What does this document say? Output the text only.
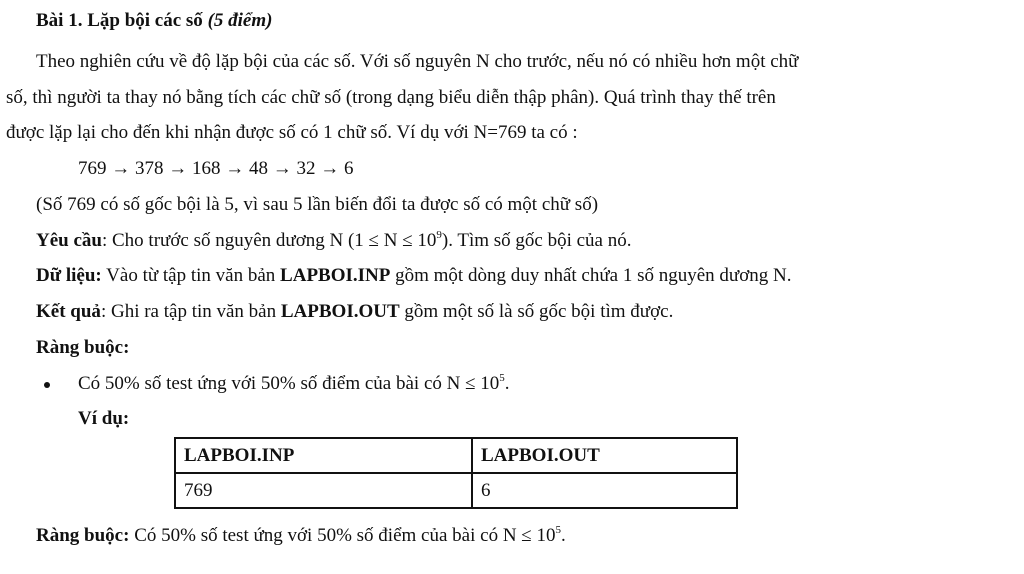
Bài 1. Lặp bội các số (5 điểm)
Theo nghiên cứu về độ lặp bội của các số. Với số nguyên N cho trước, nếu nó có nhiều hơn một chữ
số, thì người ta thay nó bằng tích các chữ số (trong dạng biểu diễn thập phân). Quá trình thay thế trên
được lặp lại cho đến khi nhận được số có 1 chữ số. Ví dụ với N=769 ta có :
769 → 378 → 168 → 48 → 32 → 6
(Số 769 có số gốc bội là 5, vì sau 5 lần biến đổi ta được số có một chữ số)
Yêu cầu: Cho trước số nguyên dương N $(1 \le N \le 10^9)$. Tìm số gốc bội của nó.
Dữ liệu: Vào từ tập tin văn bản LAPBOI.INP gồm một dòng duy nhất chứa 1 số nguyên dương N.
Kết quả: Ghi ra tập tin văn bản LAPBOI.OUT gồm một số là số gốc bội tìm được.
Ràng buộc:
Có 50% số test ứng với 50% số điểm của bài có $N \le 10^5$.
Ví dụ:
LAPBOI.INP	LAPBOI.OUT
769	6
Ràng buộc: Có 50% số test ứng với 50% số điểm của bài có $N \le 10^5$.
